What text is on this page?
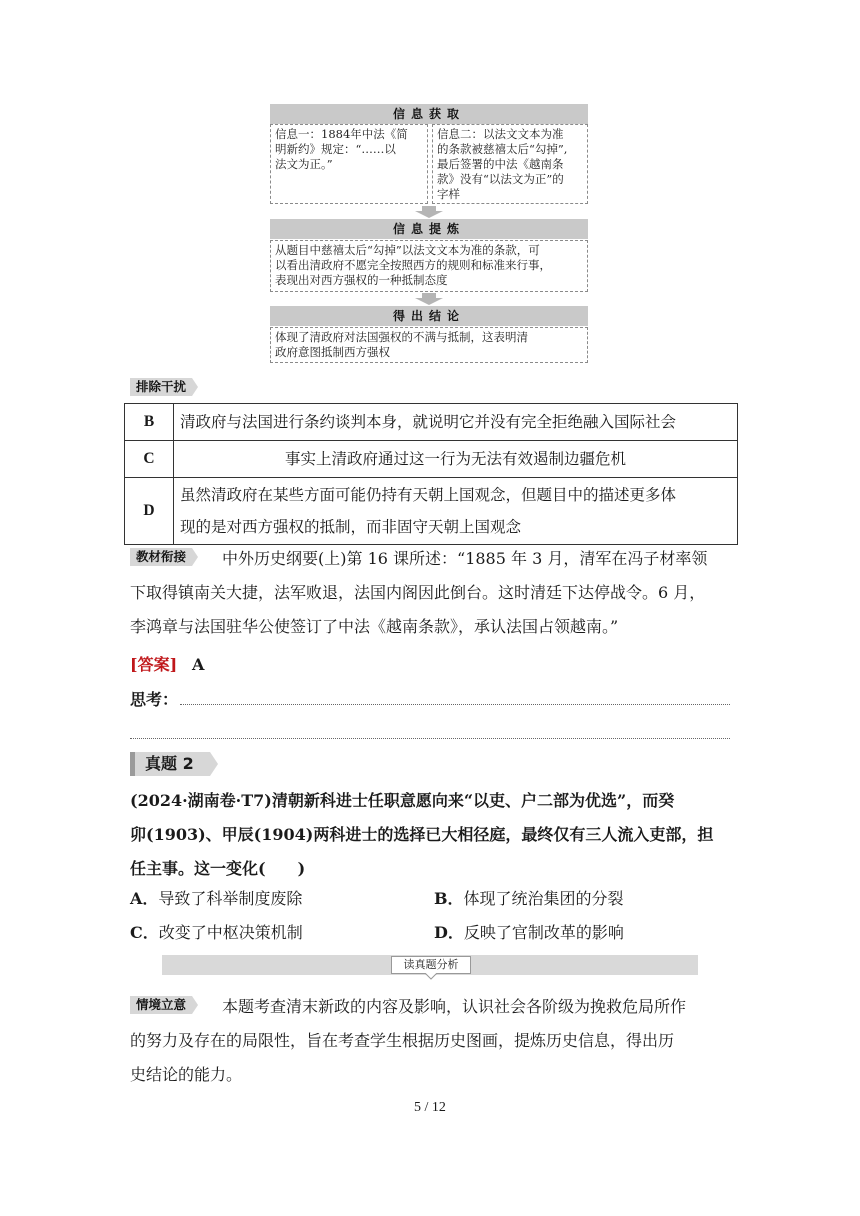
信息获取
信息一：1884年中法《简
明新约》规定：“……以
法文为正。”
信息二：以法文文本为准
的条款被慈禧太后“勾掉”,
最后签署的中法《越南条
款》没有“以法文为正”的
字样
信息提炼
从题目中慈禧太后“勾掉”以法文文本为准的条款，可
以看出清政府不愿完全按照西方的规则和标准来行事，
表现出对西方强权的一种抵制态度
得出结论
体现了清政府对法国强权的不满与抵制，这表明清
政府意图抵制西方强权
排除干扰
B	清政府与法国进行条约谈判本身，就说明它并没有完全拒绝融入国际社会
C	事实上清政府通过这一行为无法有效遏制边疆危机
D	虽然清政府在某些方面可能仍持有天朝上国观念，但题目中的描述更多体
现的是对西方强权的抵制，而非固守天朝上国观念
教材衔接	中外历史纲要(上)第 16 课所述：“1885 年 3 月，清军在冯子材率领
下取得镇南关大捷，法军败退，法国内阁因此倒台。这时清廷下达停战令。6 月，
李鸿章与法国驻华公使签订了中法《越南条款》，承认法国占领越南。”
[答案] A
思考：
真题 2
(2024·湖南卷·T7)清朝新科进士任职意愿向来“以吏、户二部为优选”，而癸
卯(1903)、甲辰(1904)两科进士的选择已大相径庭，最终仅有三人流入吏部，担
任主事。这一变化(　　)
A．导致了科举制度废除	B．体现了统治集团的分裂
C．改变了中枢决策机制	D．反映了官制改革的影响
读真题分析
情境立意	本题考查清末新政的内容及影响，认识社会各阶级为挽救危局所作
的努力及存在的局限性，旨在考查学生根据历史图画，提炼历史信息，得出历
史结论的能力。
5 / 12
